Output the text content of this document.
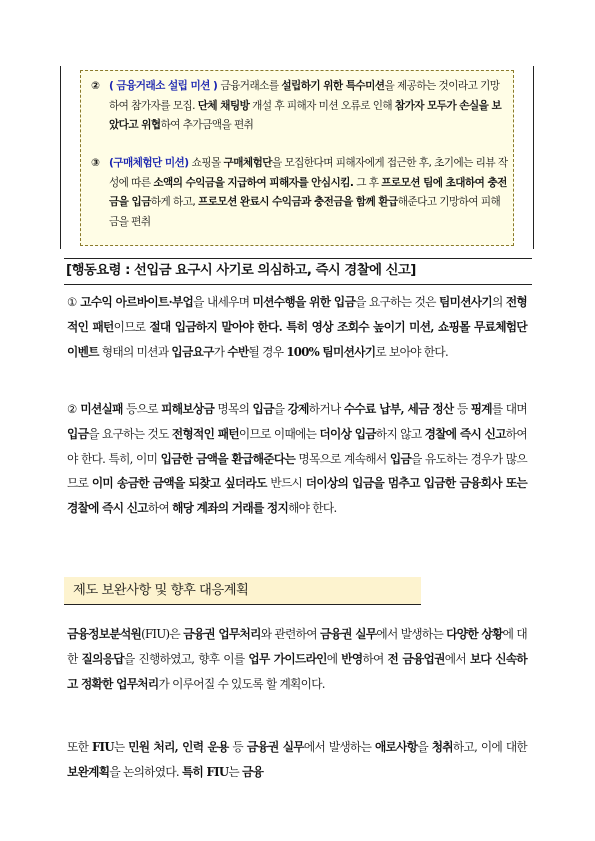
② ( 금융거래소 설립 미션 ) 금융거래소를 설립하기 위한 특수미션을 제공하는 것이라고 기망하여 참가자를 모집. 단체 채팅방 개설 후 피해자 미션 오류로 인해 참가자 모두가 손실을 보았다고 위협하여 추가금액을 편취
③ (구매체험단 미션) 쇼핑몰 구매체험단을 모집한다며 피해자에게 접근한 후, 초기에는 리뷰 작성에 따른 소액의 수익금을 지급하여 피해자를 안심시킴. 그 후 프로모션 팀에 초대하여 충전금을 입금하게 하고, 프로모션 완료시 수익금과 충전금을 함께 환급해준다고 기망하여 피해금을 편취
[행동요령 : 선입금 요구시 사기로 의심하고, 즉시 경찰에 신고]
① 고수익 아르바이트·부업을 내세우며 미션수행을 위한 입금을 요구하는 것은 팀미션사기의 전형적인 패턴이므로 절대 입금하지 말아야 한다. 특히 영상 조회수 높이기 미션, 쇼핑몰 무료체험단 이벤트 형태의 미션과 입금요구가 수반될 경우 100% 팀미션사기로 보아야 한다.
② 미션실패 등으로 피해보상금 명목의 입금을 강제하거나 수수료 납부, 세금 정산 등 핑계를 대며 입금을 요구하는 것도 전형적인 패턴이므로 이때에는 더이상 입금하지 않고 경찰에 즉시 신고하여야 한다. 특히, 이미 입금한 금액을 환급해준다는 명목으로 계속해서 입금을 유도하는 경우가 많으므로 이미 송금한 금액을 되찾고 싶더라도 반드시 더이상의 입금을 멈추고 입금한 금융회사 또는 경찰에 즉시 신고하여 해당 계좌의 거래를 정지해야 한다.
제도 보완사항 및 향후 대응계획
금융정보분석원(FIU)은 금융권 업무처리와 관련하여 금융권 실무에서 발생하는 다양한 상황에 대한 질의응답을 진행하였고, 향후 이를 업무 가이드라인에 반영하여 전 금융업권에서 보다 신속하고 정확한 업무처리가 이루어질 수 있도록 할 계획이다.
또한 FIU는 민원 처리, 인력 운용 등 금융권 실무에서 발생하는 애로사항을 청취하고, 이에 대한 보완계획을 논의하였다. 특히 FIU는 금융
